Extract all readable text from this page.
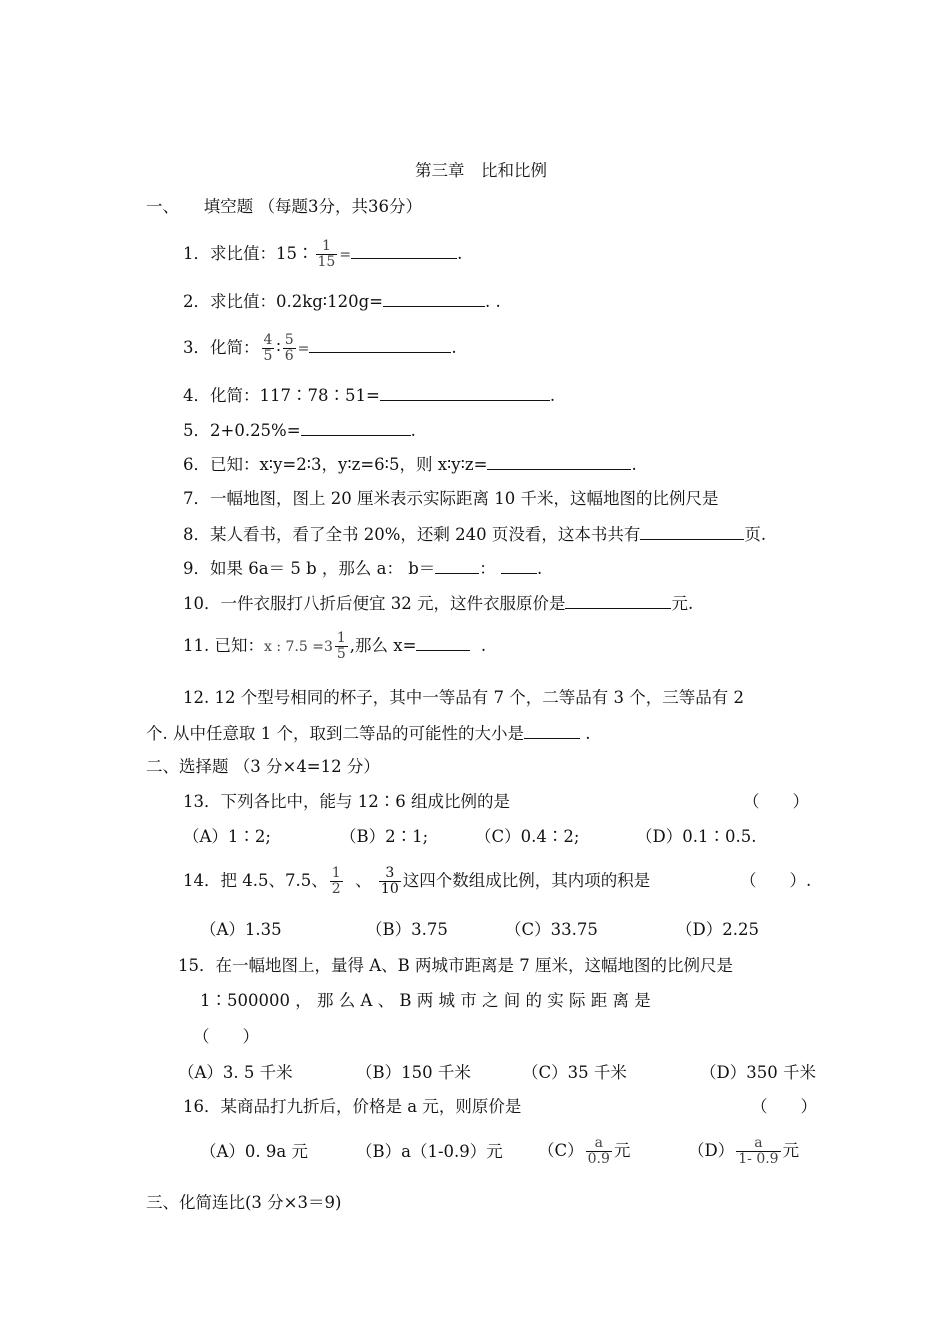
第三章　比和比例
一、　　填空题 （每题3分，共36分）
1．求比值：15∶ $\frac{1}{15}$ =	.
2．求比值：0.2kg∶120g=	. .
3．化简： $\frac{4}{5}$ ∶ $\frac{5}{6}$ =	.
4．化简：117∶78∶51=	.
5．2+0.25%=	.
6．已知：x∶y=2∶3，y∶z=6∶5，则 x∶y∶z=	.
7．一幅地图，图上 20 厘米表示实际距离 10 千米，这幅地图的比例尺是
8．某人看书，看了全书 20%，还剩 240 页没看，这本书共有	页.
9．如果 6a＝ 5 b ，那么 a： b＝	：	.
10．一件衣服打八折后便宜 32 元，这件衣服原价是	元.
11. 已知：x : $7.5 =3 \frac{1}{5}$ ,那么 x=	.
12. 12 个型号相同的杯子，其中一等品有 7 个，二等品有 3 个，三等品有 2
个. 从中任意取 1 个，取到二等品的可能性的大小是	.
二、选择题 （3 分×4=12 分）
13．下列各比中，能与 12∶6 组成比例的是	（　　）
（A）1∶2;	（B）2∶1;	（C）0.4∶2;	（D）0.1∶0.5.
14．把 4.5、7.5、 $\frac{1}{2}$ 、 $\frac{3}{10}$ 这四个数组成比例，其内项的积是	（　　）.
（A）1.35	（B）3.75	（C）33.75	（D）2.25
15．在一幅地图上，量得 A、B 两城市距离是 7 厘米，这幅地图的比例尺是
1∶500000 ， 那 么 A 、 B 两 城 市 之 间 的 实 际 距 离 是
（　　）
（A）3. 5 千米	（B）150 千米	（C）35 千米	（D）350 千米
16．某商品打九折后，价格是 a 元，则原价是	（　　）
（A）0. 9a 元	（B）a（1-0.9）元 $(C) \frac{a}{0.9}$ 元	$(D) \frac{a}{1- 0.9}$ 元
三、化简连比(3 分×3＝9)
